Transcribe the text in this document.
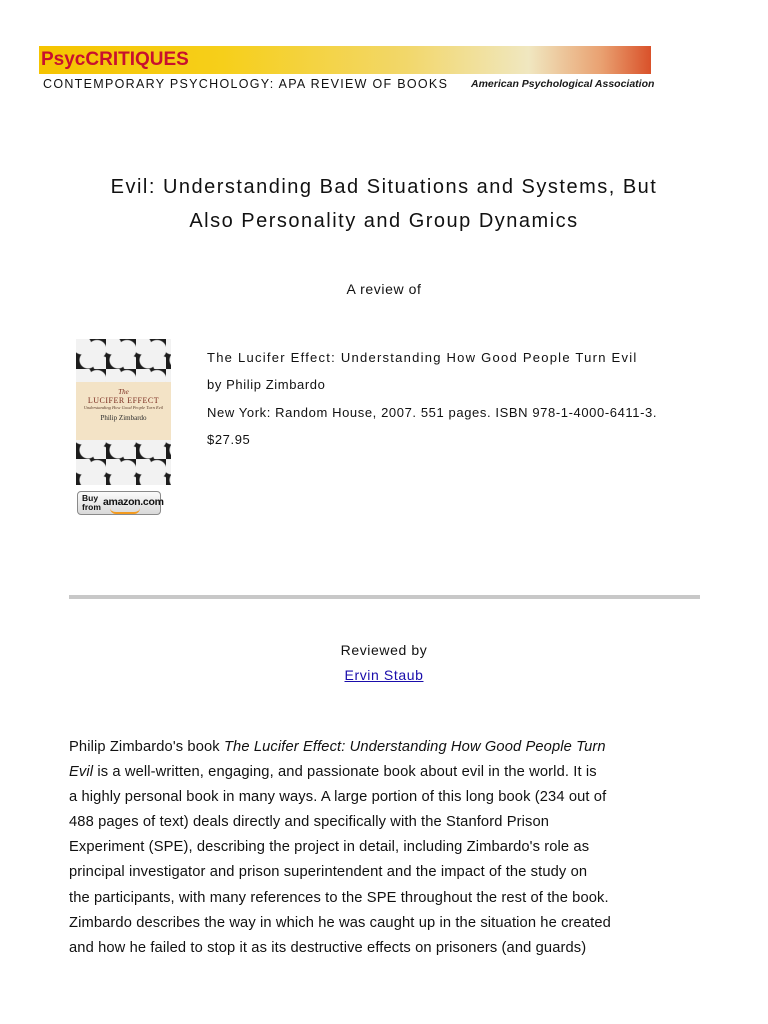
PsycCRITIQUES
CONTEMPORARY PSYCHOLOGY: APA REVIEW OF BOOKS American Psychological Association
Evil: Understanding Bad Situations and Systems, But
Also Personality and Group Dynamics
A review of
The
LUCIFER EFFECT
Understanding How Good People Turn Evil
Philip Zimbardo
Buy from amazon.com
The Lucifer Effect: Understanding How Good People Turn Evil
by Philip Zimbardo
New York: Random House, 2007. 551 pages. ISBN 978-1-4000-6411-3.
$27.95
Reviewed by
Ervin Staub
Philip Zimbardo's book The Lucifer Effect: Understanding How Good People Turn
Evil is a well-written, engaging, and passionate book about evil in the world. It is
a highly personal book in many ways. A large portion of this long book (234 out of
488 pages of text) deals directly and specifically with the Stanford Prison
Experiment (SPE), describing the project in detail, including Zimbardo's role as
principal investigator and prison superintendent and the impact of the study on
the participants, with many references to the SPE throughout the rest of the book.
Zimbardo describes the way in which he was caught up in the situation he created
and how he failed to stop it as its destructive effects on prisoners (and guards)
